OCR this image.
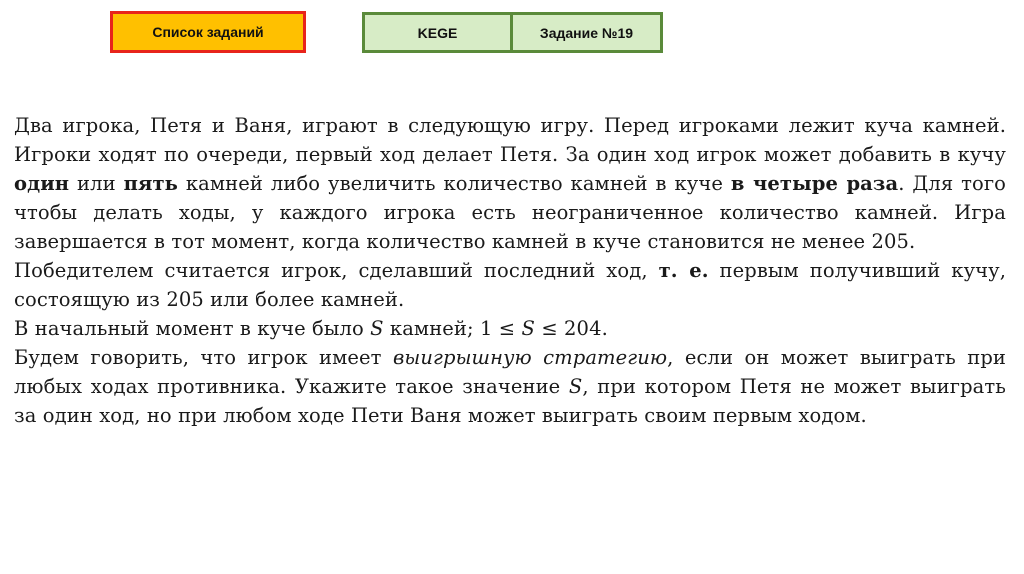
Список заданий	KEGE	Задание №19

Два игрока, Петя и Ваня, играют в следующую игру. Перед игроками лежит куча камней. Игроки ходят по очереди, первый ход делает Петя. За один ход игрок может добавить в кучу один или пять камней либо увеличить количество камней в куче в четыре раза. Для того чтобы делать ходы, у каждого игрока есть неограниченное количество камней. Игра завершается в тот момент, когда количество камней в куче становится не менее 205.

Победителем считается игрок, сделавший последний ход, т. е. первым получивший кучу, состоящую из 205 или более камней.

В начальный момент в куче было S камней; 1 ≤ S ≤ 204.

Будем говорить, что игрок имеет выигрышную стратегию, если он может выиграть при любых ходах противника. Укажите такое значение S, при котором Петя не может выиграть за один ход, но при любом ходе Пети Ваня может выиграть своим первым ходом.
